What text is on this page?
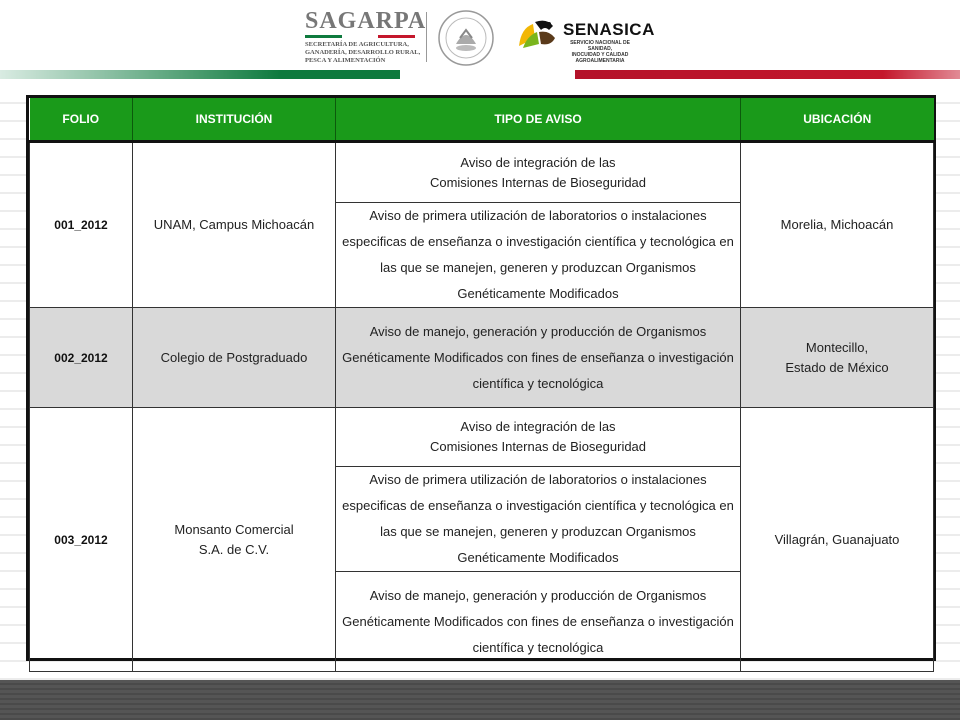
SAGARPA
SECRETARÍA DE AGRICULTURA,
GANADERÍA, DESARROLLO RURAL,
PESCA Y ALIMENTACIÓN
SENASICA
SERVICIO NACIONAL DE SANIDAD,
INOCUIDAD Y CALIDAD
AGROALIMENTARIA
FOLIO	INSTITUCIÓN	TIPO DE AVISO	UBICACIÓN
001_2012	UNAM, Campus Michoacán	Aviso de integración de las
Comisiones Internas de Bioseguridad	Morelia, Michoacán
		Aviso de primera utilización de laboratorios o instalaciones especificas de enseñanza o investigación científica y tecnológica en las que se manejen, generen y produzcan Organismos Genéticamente Modificados	
002_2012	Colegio de Postgraduado	Aviso de manejo, generación y producción de Organismos Genéticamente Modificados con fines de enseñanza o investigación científica y tecnológica	Montecillo,
Estado de México
003_2012	Monsanto Comercial
S.A. de C.V.	Aviso de integración de las
Comisiones Internas de Bioseguridad	Villagrán, Guanajuato
		Aviso de primera utilización de laboratorios o instalaciones especificas de enseñanza o investigación científica y tecnológica en las que se manejen, generen y produzcan Organismos Genéticamente Modificados	
		Aviso de manejo, generación y producción de Organismos Genéticamente Modificados con fines de enseñanza o investigación científica y tecnológica	
